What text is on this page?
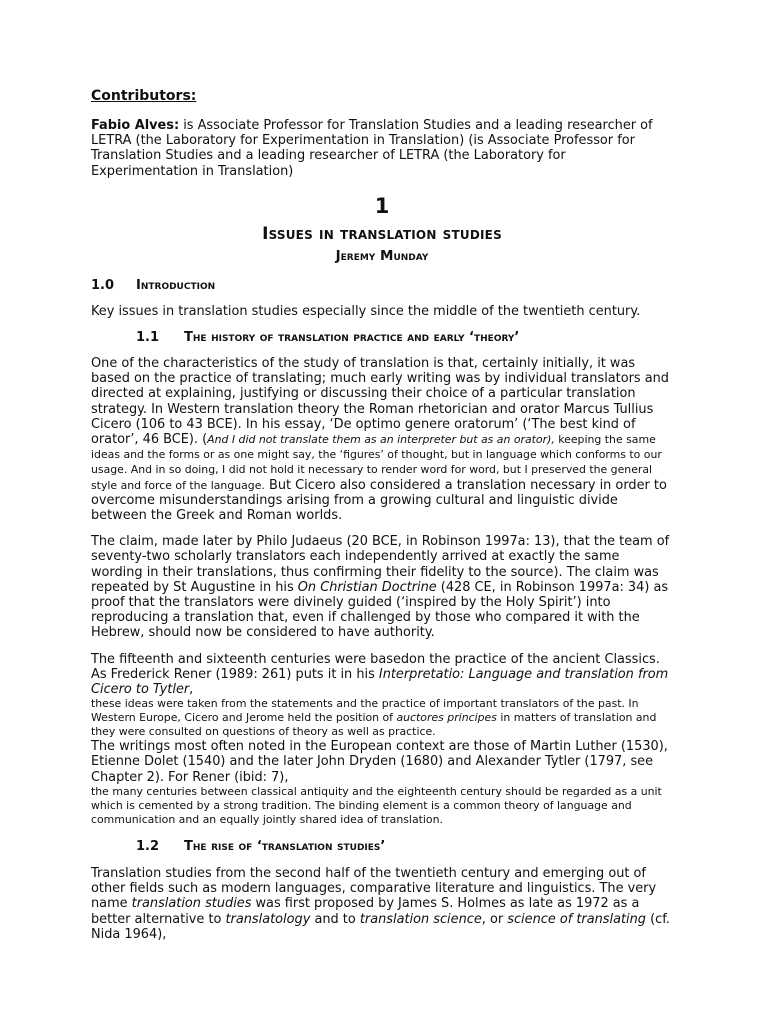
Contributors:

Fabio Alves: is Associate Professor for Translation Studies and a leading researcher of LETRA (the Laboratory for Experimentation in Translation) (is Associate Professor for Translation Studies and a leading researcher of LETRA (the Laboratory for Experimentation in Translation)

1
Issues in translation studies
Jeremy Munday
1.0	Introduction

Key issues in translation studies especially since the middle of the twentieth century.

1.1	The history of translation practice and early ‘theory’

One of the characteristics of the study of translation is that, certainly initially, it was based on the practice of translating; much early writing was by individual translators and directed at explaining, justifying or discussing their choice of a particular translation strategy. In Western translation theory the Roman rhetorician and orator Marcus Tullius Cicero (106 to 43 BCE). In his essay, ‘De optimo genere oratorum’ (‘The best kind of orator’, 46 BCE). (And I did not translate them as an interpreter but as an orator), keeping the same ideas and the forms or as one might say, the ‘figures’ of thought, but in language which conforms to our usage. And in so doing, I did not hold it necessary to render word for word, but I preserved the general style and force of the language. But Cicero also considered a translation necessary in order to overcome misunderstandings arising from a growing cultural and linguistic divide between the Greek and Roman worlds.

The claim, made later by Philo Judaeus (20 BCE, in Robinson 1997a: 13), that the team of seventy-two scholarly translators each independently arrived at exactly the same wording in their translations, thus confirming their fidelity to the source). The claim was repeated by St Augustine in his On Christian Doctrine (428 CE, in Robinson 1997a: 34) as proof that the translators were divinely guided (‘inspired by the Holy Spirit’) into reproducing a translation that, even if challenged by those who compared it with the Hebrew, should now be considered to have authority.

The fifteenth and sixteenth centuries were basedon the practice of the ancient Classics. As Frederick Rener (1989: 261) puts it in his Interpretatio: Language and translation from Cicero to Tytler,

these ideas were taken from the statements and the practice of important translators of the past. In Western Europe, Cicero and Jerome held the position of auctores principes in matters of translation and they were consulted on questions of theory as well as practice.

The writings most often noted in the European context are those of Martin Luther (1530), Etienne Dolet (1540) and the later John Dryden (1680) and Alexander Tytler (1797, see Chapter 2). For Rener (ibid: 7),

the many centuries between classical antiquity and the eighteenth century should be regarded as a unit which is cemented by a strong tradition. The binding element is a common theory of language and communication and an equally jointly shared idea of translation.

1.2	The rise of ‘translation studies’

Translation studies from the second half of the twentieth century and emerging out of other fields such as modern languages, comparative literature and linguistics. The very name translation studies was first proposed by James S. Holmes as late as 1972 as a better alternative to translatology and to translation science, or science of translating (cf. Nida 1964),
